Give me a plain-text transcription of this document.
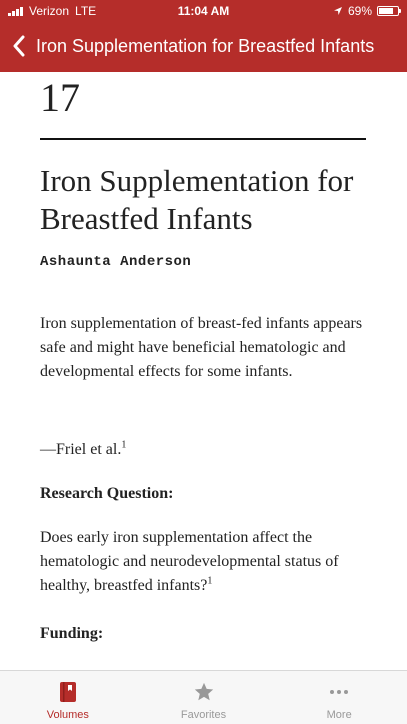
Verizon LTE	11:04 AM	69%
Iron Supplementation for Breastfed Infants
17
Iron Supplementation for Breastfed Infants
Ashaunta Anderson
Iron supplementation of breast-fed infants appears safe and might have beneficial hematologic and developmental effects for some infants.
—Friel et al.$^1$
Research Question:
Does early iron supplementation affect the hematologic and neurodevelopmental status of healthy, breastfed infants?$^1$
Funding:
Volumes	Favorites	More
